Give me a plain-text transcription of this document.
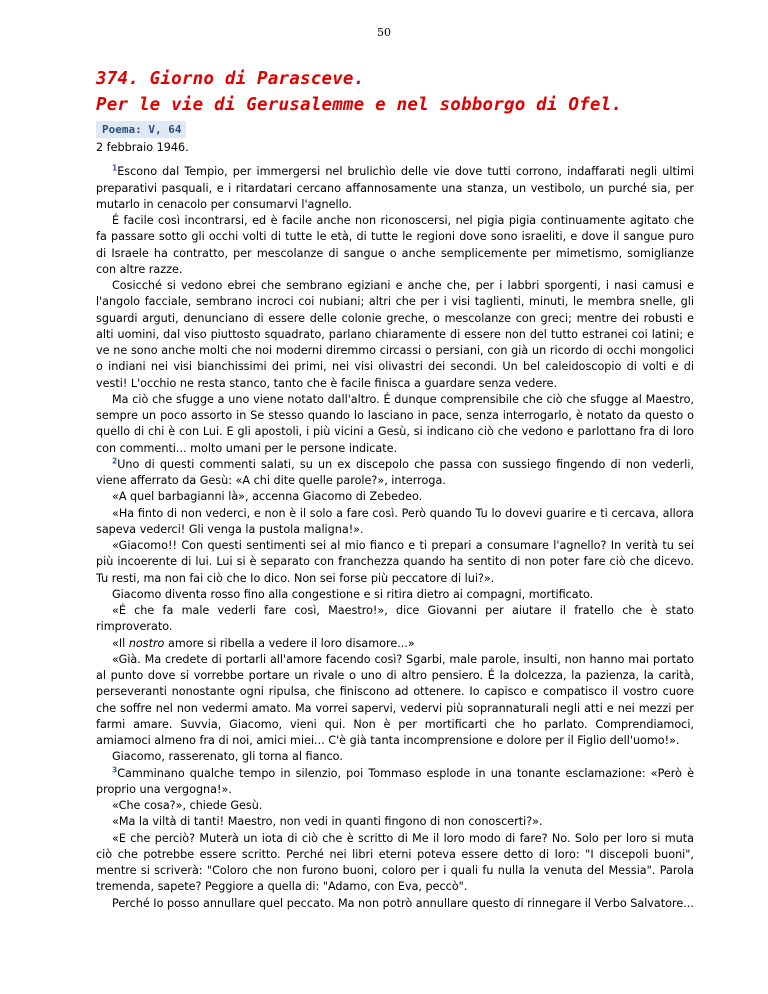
50
374. Giorno di Parasceve.
Per le vie di Gerusalemme e nel sobborgo di Ofel.
Poema: V, 64

2 febbraio 1946.

$^1$Escono dal Tempio, per immergersi nel brulichìo delle vie dove tutti corrono, indaffarati negli ultimi preparativi pasquali, e i ritardatari cercano affannosamente una stanza, un vestibolo, un purché sia, per mutarlo in cenacolo per consumarvi l'agnello.

É facile così incontrarsi, ed è facile anche non riconoscersi, nel pigia pigia continuamente agitato che fa passare sotto gli occhi volti di tutte le età, di tutte le regioni dove sono israeliti, e dove il sangue puro di Israele ha contratto, per mescolanze di sangue o anche semplicemente per mimetismo, somiglianze con altre razze.

Cosicché si vedono ebrei che sembrano egiziani e anche che, per i labbri sporgenti, i nasi camusi e l'angolo facciale, sembrano incroci coi nubiani; altri che per i visi taglienti, minuti, le membra snelle, gli sguardi arguti, denunciano di essere delle colonie greche, o mescolanze con greci; mentre dei robusti e alti uomini, dal viso piuttosto squadrato, parlano chiaramente di essere non del tutto estranei coi latini; e ve ne sono anche molti che noi moderni diremmo circassi o persiani, con già un ricordo di occhi mongolici o indiani nei visi bianchissimi dei primi, nei visi olivastri dei secondi. Un bel caleidoscopio di volti e di vesti! L'occhio ne resta stanco, tanto che è facile finisca a guardare senza vedere.

Ma ciò che sfugge a uno viene notato dall'altro. É dunque comprensibile che ciò che sfugge al Maestro, sempre un poco assorto in Se stesso quando lo lasciano in pace, senza interrogarlo, è notato da questo o quello di chi è con Lui. E gli apostoli, i più vicini a Gesù, si indicano ciò che vedono e parlottano fra di loro con commenti... molto umani per le persone indicate.

$^2$Uno di questi commenti salati, su un ex discepolo che passa con sussiego fingendo di non vederli, viene afferrato da Gesù: «A chi dite quelle parole?», interroga.

«A quel barbagianni là», accenna Giacomo di Zebedeo.

«Ha finto di non vederci, e non è il solo a fare così. Però quando Tu lo dovevi guarire e ti cercava, allora sapeva vederci! Gli venga la pustola maligna!».

«Giacomo!! Con questi sentimenti sei al mio fianco e ti prepari a consumare l'agnello? In verità tu sei più incoerente di lui. Lui si è separato con franchezza quando ha sentito di non poter fare ciò che dicevo. Tu resti, ma non fai ciò che Io dico. Non sei forse più peccatore di lui?».

Giacomo diventa rosso fino alla congestione e si ritira dietro ai compagni, mortificato.

«É che fa male vederli fare così, Maestro!», dice Giovanni per aiutare il fratello che è stato rimproverato.

«Il nostro amore si ribella a vedere il loro disamore...»

«Già. Ma credete di portarli all'amore facendo così? Sgarbi, male parole, insulti, non hanno mai portato al punto dove si vorrebbe portare un rivale o uno di altro pensiero. É la dolcezza, la pazienza, la carità, perseveranti nonostante ogni ripulsa, che finiscono ad ottenere. Io capisco e compatisco il vostro cuore che soffre nel non vedermi amato. Ma vorrei sapervi, vedervi più soprannaturali negli atti e nei mezzi per farmi amare. Suvvia, Giacomo, vieni qui. Non è per mortificarti che ho parlato. Comprendiamoci, amiamoci almeno fra di noi, amici miei... C'è già tanta incomprensione e dolore per il Figlio dell'uomo!».

Giacomo, rasserenato, gli torna al fianco.

$^3$Camminano qualche tempo in silenzio, poi Tommaso esplode in una tonante esclamazione: «Però è proprio una vergogna!».

«Che cosa?», chiede Gesù.

«Ma la viltà di tanti! Maestro, non vedi in quanti fingono di non conoscerti?».

«E che perciò? Muterà un iota di ciò che è scritto di Me il loro modo di fare? No. Solo per loro si muta ciò che potrebbe essere scritto. Perché nei libri eterni poteva essere detto di loro: "I discepoli buoni", mentre si scriverà: "Coloro che non furono buoni, coloro per i quali fu nulla la venuta del Messia". Parola tremenda, sapete? Peggiore a quella di: "Adamo, con Eva, peccò".

Perché Io posso annullare quel peccato. Ma non potrò annullare questo di rinnegare il Verbo Salvatore...
